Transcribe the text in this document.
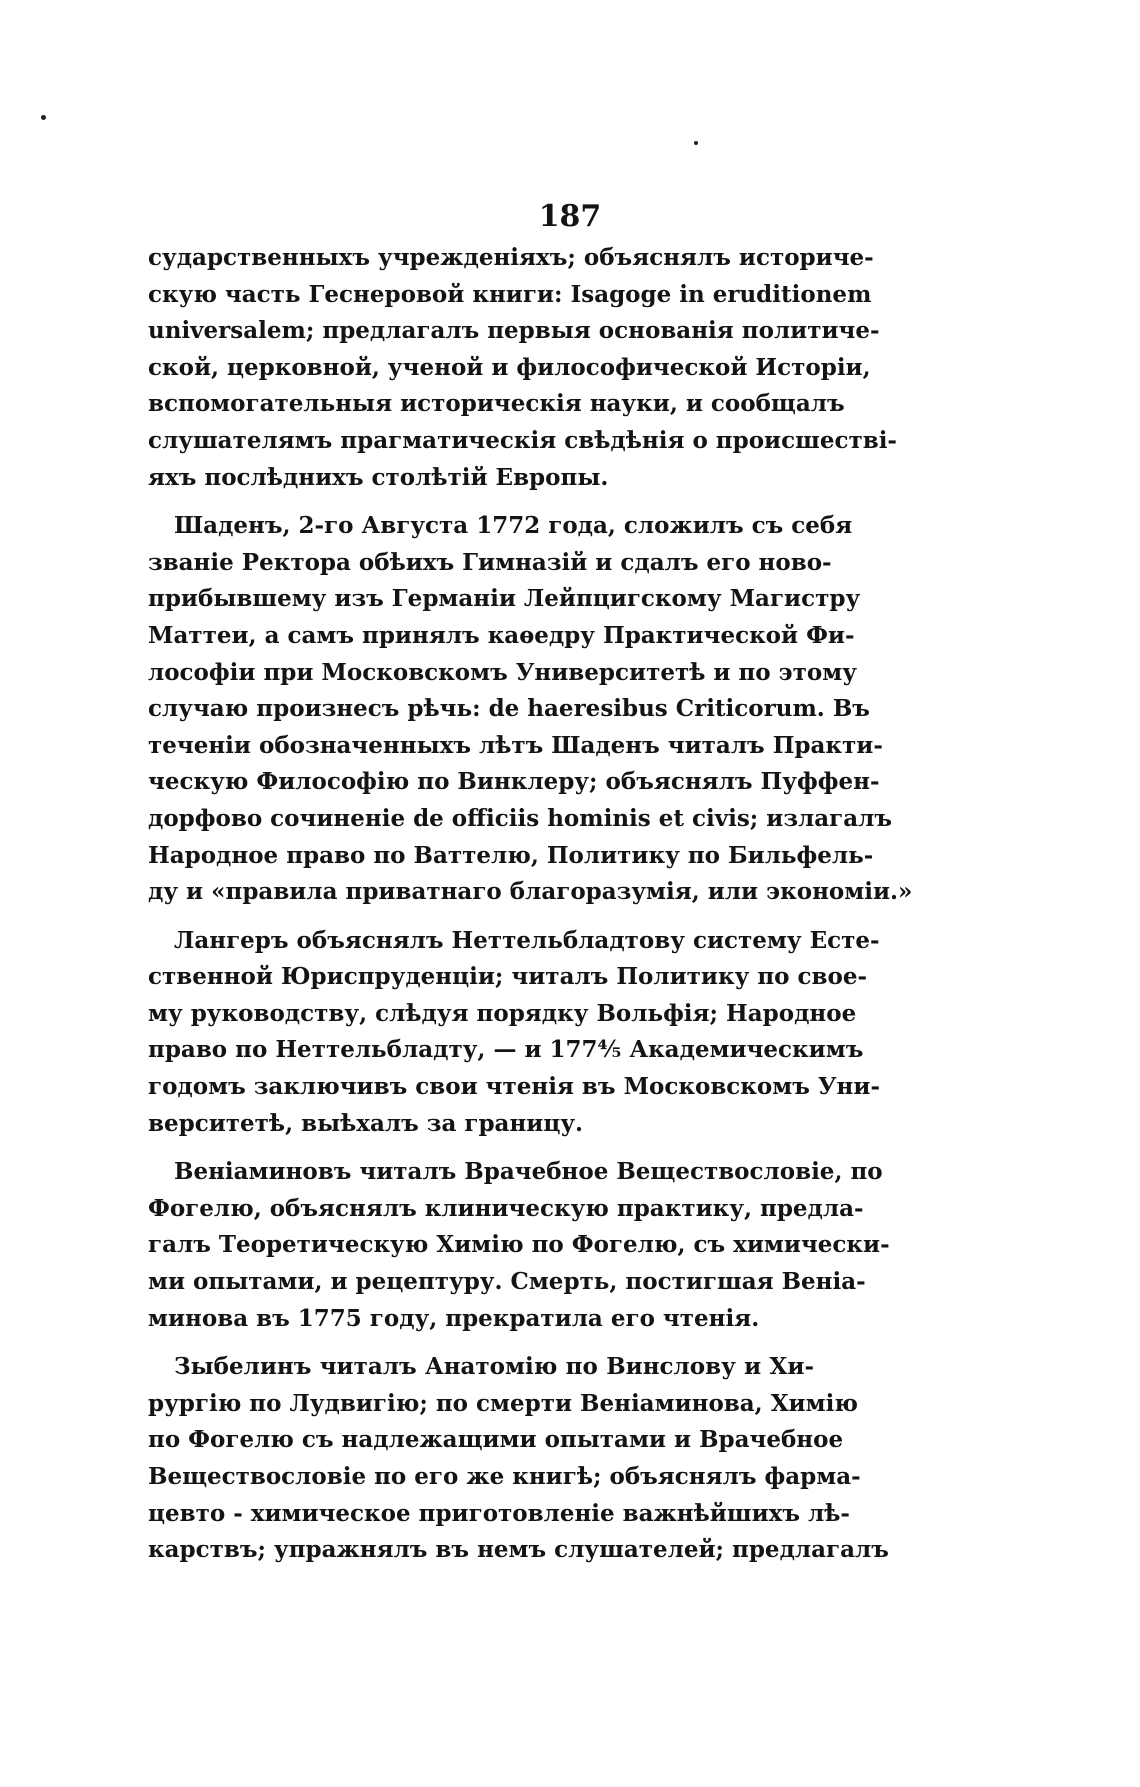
187
сударственныхъ учрежденіяхъ; объяснялъ историче-
скую часть Геснеровой книги: Isagoge in eruditionem
universalem; предлагалъ первыя основанія политиче-
ской, церковной, ученой и философической Исторіи,
вспомогательныя историческія науки, и сообщалъ
слушателямъ прагматическія свѣдѣнія о происшестві-
яхъ послѣднихъ столѣтій Европы.
Шаденъ, 2-го Августа 1772 года, сложилъ съ себя
званіе Ректора обѣихъ Гимназій и сдалъ его ново-
прибывшему изъ Германіи Лейпцигскому Магистру
Маттеи, а самъ принялъ каѳедру Практической Фи-
лософіи при Московскомъ Университетѣ и по этому
случаю произнесъ рѣчь: de haeresibus Criticorum. Въ
теченіи обозначенныхъ лѣтъ Шаденъ читалъ Практи-
ческую Философію по Винклеру; объяснялъ Пуффен-
дорфово сочиненіе de officiis hominis et civis; излагалъ
Народное право по Ваттелю, Политику по Бильфель-
ду и «правила приватнаго благоразумія, или экономіи.»
Лангеръ объяснялъ Неттельбладтову систему Есте-
ственной Юриспруденціи; читалъ Политику по свое-
му руководству, слѣдуя порядку Вольфія; Народное
право по Неттельбладту, — и 177⅘ Академическимъ
годомъ заключивъ свои чтенія въ Московскомъ Уни-
верситетѣ, выѣхалъ за границу.
Веніаминовъ читалъ Врачебное Веществословіе, по
Фогелю, объяснялъ клиническую практику, предла-
галъ Теоретическую Химію по Фогелю, съ химически-
ми опытами, и рецептуру. Смерть, постигшая Веніа-
минова въ 1775 году, прекратила его чтенія.
Зыбелинъ читалъ Анатомію по Винслову и Хи-
рургію по Лудвигію; по смерти Веніаминова, Химію
по Фогелю съ надлежащими опытами и Врачебное
Веществословіе по его же книгѣ; объяснялъ фарма-
цевто - химическое приготовленіе важнѣйшихъ лѣ-
карствъ; упражнялъ въ немъ слушателей; предлагалъ
